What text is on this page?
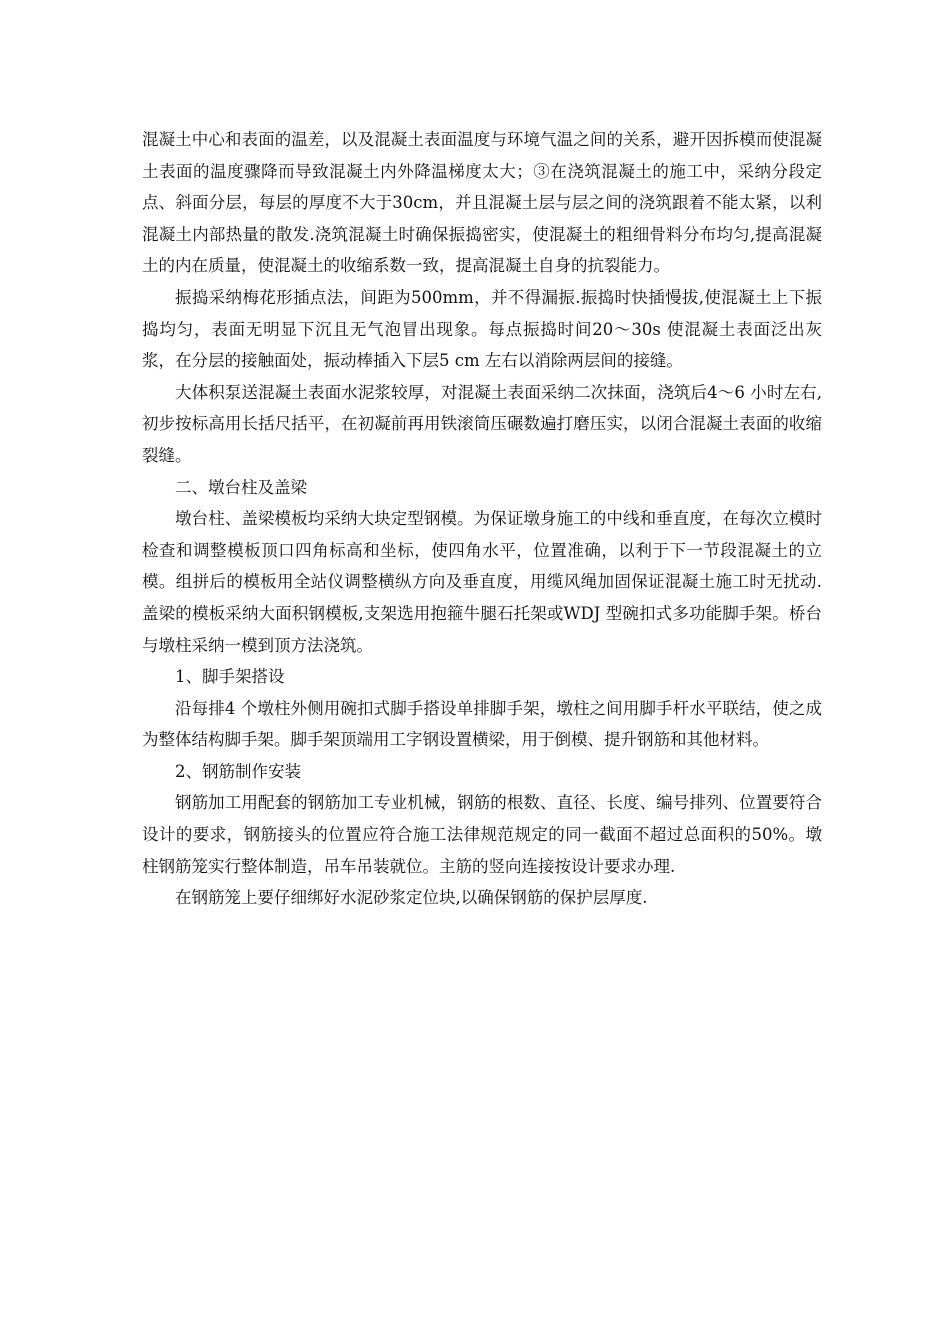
混凝土中心和表面的温差，以及混凝土表面温度与环境气温之间的关系，避开因拆模而使混凝土表面的温度骤降而导致混凝土内外降温梯度太大；③在浇筑混凝土的施工中，采纳分段定点、斜面分层，每层的厚度不大于30cm，并且混凝土层与层之间的浇筑跟着不能太紧，以利混凝土内部热量的散发.浇筑混凝土时确保振捣密实，使混凝土的粗细骨料分布均匀,提高混凝土的内在质量，使混凝土的收缩系数一致，提高混凝土自身的抗裂能力。

振捣采纳梅花形插点法，间距为500mm，并不得漏振.振捣时快插慢拔,使混凝土上下振捣均匀，表面无明显下沉且无气泡冒出现象。每点振捣时间20～30s 使混凝土表面泛出灰浆，在分层的接触面处，振动棒插入下层5 cm 左右以消除两层间的接缝。

大体积泵送混凝土表面水泥浆较厚，对混凝土表面采纳二次抹面，浇筑后4～6 小时左右,初步按标高用长括尺括平，在初凝前再用铁滚筒压碾数遍打磨压实，以闭合混凝土表面的收缩裂缝。

二、墩台柱及盖梁

墩台柱、盖梁模板均采纳大块定型钢模。为保证墩身施工的中线和垂直度，在每次立模时检查和调整模板顶口四角标高和坐标，使四角水平，位置准确，以利于下一节段混凝土的立模。组拼后的模板用全站仪调整横纵方向及垂直度，用缆风绳加固保证混凝土施工时无扰动.盖梁的模板采纳大面积钢模板,支架选用抱箍牛腿石托架或WDJ 型碗扣式多功能脚手架。桥台与墩柱采纳一模到顶方法浇筑。

1、脚手架搭设

沿每排4 个墩柱外侧用碗扣式脚手搭设单排脚手架，墩柱之间用脚手杆水平联结，使之成为整体结构脚手架。脚手架顶端用工字钢设置横梁，用于倒模、提升钢筋和其他材料。

2、钢筋制作安装

钢筋加工用配套的钢筋加工专业机械，钢筋的根数、直径、长度、编号排列、位置要符合设计的要求，钢筋接头的位置应符合施工法律规范规定的同一截面不超过总面积的50%。墩柱钢筋笼实行整体制造，吊车吊装就位。主筋的竖向连接按设计要求办理.

在钢筋笼上要仔细绑好水泥砂浆定位块,以确保钢筋的保护层厚度.
